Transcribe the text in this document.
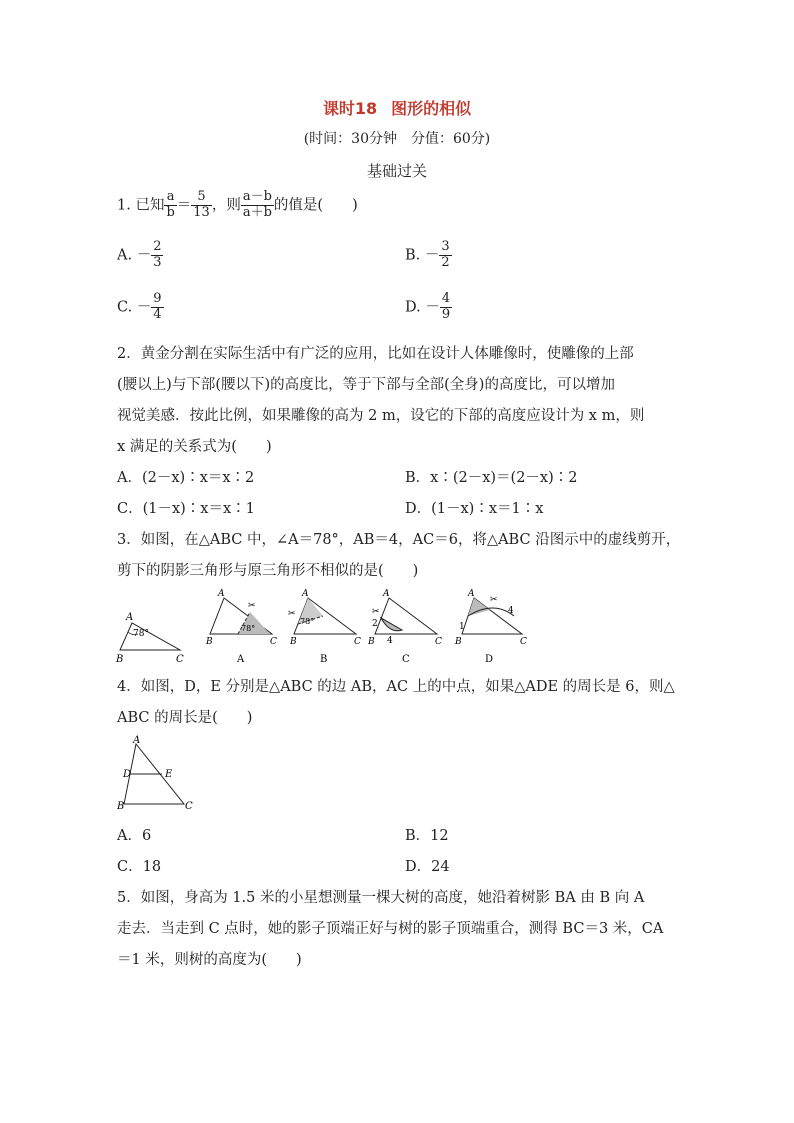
课时18 图形的相似
(时间：30分钟　分值：60分)
基础过关
1. 已知 $\frac{a}{b} = \frac{5}{13}$ ，则 $\frac{a-b}{a+b}$ 的值是(　　)
A. － $\frac{2}{3}$	B. － $\frac{3}{2}$
C. － $\frac{9}{4}$	D. － $\frac{4}{9}$
2．黄金分割在实际生活中有广泛的应用，比如在设计人体雕像时，使雕像的上部
(腰以上)与下部(腰以下)的高度比，等于下部与全部(全身)的高度比，可以增加
视觉美感．按此比例，如果雕像的高为 2 m，设它的下部的高度应设计为 x m，则
x 满足的关系式为(　　)
A．(2－x)∶x＝x∶2	B．x∶(2－x)＝(2－x)∶2
C．(1－x)∶x＝x∶1	D．(1－x)∶x＝1∶x
3．如图，在△ABC 中，∠A＝78°，AB＝4，AC＝6，将△ABC 沿图示中的虚线剪开，
剪下的阴影三角形与原三角形不相似的是(　　)
A
B	C
78°
✂
A
B	C
78°
A
✂
A
B	C
78°
B
✂
A
2
4
B	C
C
✂
A
1
4
B	C
D
4．如图，D，E 分别是△ABC 的边 AB，AC 上的中点，如果△ADE 的周长是 6，则△
ABC 的周长是(　　)
A
D	E
B	C
A．6	B．12
C．18	D．24
5．如图，身高为 1.5 米的小星想测量一棵大树的高度，她沿着树影 BA 由 B 向 A
走去．当走到 C 点时，她的影子顶端正好与树的影子顶端重合，测得 BC＝3 米，CA
＝1 米，则树的高度为(　　)
